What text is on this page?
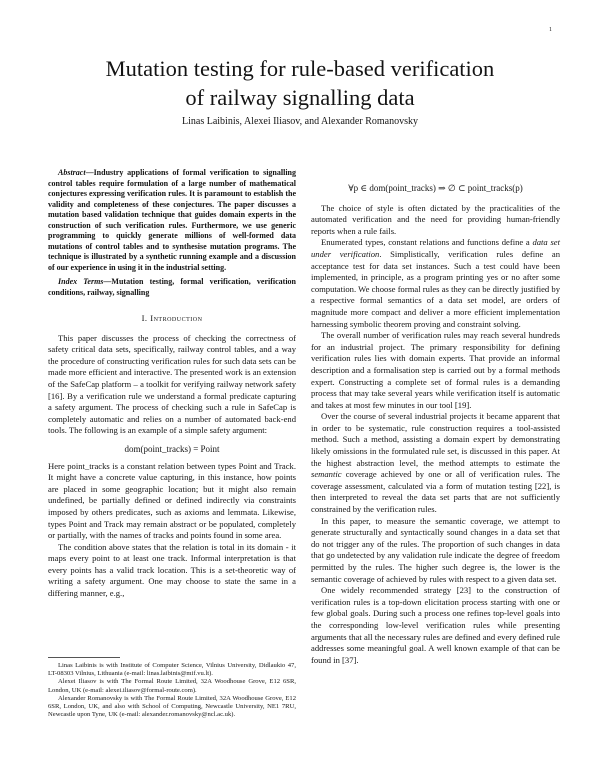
1
Mutation testing for rule-based verification
of railway signalling data
Linas Laibinis, Alexei Iliasov, and Alexander Romanovsky

Abstract—Industry applications of formal verification to signalling control tables require formulation of a large number of mathematical conjectures expressing verification rules. It is paramount to establish the validity and completeness of these conjectures. The paper discusses a mutation based validation technique that guides domain experts in the construction of such verification rules. Furthermore, we use generic programming to quickly generate millions of well-formed data mutations of control tables and to synthesise mutation programs. The technique is illustrated by a synthetic running example and a discussion of our experience in using it in the industrial setting.

Index Terms—Mutation testing, formal verification, verification conditions, railway, signalling

I. Introduction

This paper discusses the process of checking the correctness of safety critical data sets, specifically, railway control tables, and a way the procedure of constructing verification rules for such data sets can be made more efficient and interactive. The presented work is an extension of the SafeCap platform – a toolkit for verifying railway network safety [16]. By a verification rule we understand a formal predicate capturing a safety argument. The process of checking such a rule in SafeCap is completely automatic and relies on a number of automated back-end tools. The following is an example of a simple safety argument:

dom(point_tracks) = Point

Here point_tracks is a constant relation between types Point and Track. It might have a concrete value capturing, in this instance, how points are placed in some geographic location; but it might also remain undefined, be partially defined or defined indirectly via constraints imposed by others predicates, such as axioms and lemmata. Likewise, types Point and Track may remain abstract or be populated, completely or partially, with the names of tracks and points found in some area.

The condition above states that the relation is total in its domain - it maps every point to at least one track. Informal interpretation is that every points has a valid track location. This is a set-theoretic way of writing a safety argument. One may choose to state the same in a differing manner, e.g.,

Linas Laibinis is with Institute of Computer Science, Vilnius University, Didlaukio 47, LT-08303 Vilnius, Lithuania (e-mail: linas.laibinis@mif.vu.lt).

Alexei Iliasov is with The Formal Route Limited, 32A Woodhouse Grove, E12 6SR, London, UK (e-mail: alexei.iliasov@formal-route.com).

Alexander Romanovsky is with The Formal Route Limited, 32A Woodhouse Grove, E12 6SR, London, UK, and also with School of Computing, Newcastle University, NE1 7RU, Newcastle upon Tyne, UK (e-mail: alexander.romanovsky@ncl.ac.uk).

∀p ∈ dom(point_tracks) ⇒ ∅ ⊂ point_tracks(p)

The choice of style is often dictated by the practicalities of the automated verification and the need for providing human-friendly reports when a rule fails.

Enumerated types, constant relations and functions define a data set under verification. Simplistically, verification rules define an acceptance test for data set instances. Such a test could have been implemented, in principle, as a program printing yes or no after some computation. We choose formal rules as they can be directly justified by a respective formal semantics of a data set model, are orders of magnitude more compact and deliver a more efficient implementation harnessing symbolic theorem proving and constraint solving.

The overall number of verification rules may reach several hundreds for an industrial project. The primary responsibility for defining verification rules lies with domain experts. That provide an informal description and a formalisation step is carried out by a formal methods expert. Constructing a complete set of formal rules is a demanding process that may take several years while verification itself is automatic and takes at most few minutes in our tool [19].

Over the course of several industrial projects it became apparent that in order to be systematic, rule construction requires a tool-assisted method. Such a method, assisting a domain expert by demonstrating likely omissions in the formulated rule set, is discussed in this paper. At the highest abstraction level, the method attempts to estimate the semantic coverage achieved by one or all of verification rules. The coverage assessment, calculated via a form of mutation testing [22], is then interpreted to reveal the data set parts that are not sufficiently constrained by the verification rules.

In this paper, to measure the semantic coverage, we attempt to generate structurally and syntactically sound changes in a data set that do not trigger any of the rules. The proportion of such changes in data that go undetected by any validation rule indicate the degree of freedom permitted by the rules. The higher such degree is, the lower is the semantic coverage of achieved by rules with respect to a given data set.

One widely recommended strategy [23] to the construction of verification rules is a top-down elicitation process starting with one or few global goals. During such a process one refines top-level goals into the corresponding low-level verification rules while presenting arguments that all the necessary rules are defined and every defined rule addresses some meaningful goal. A well known example of that can be found in [37].
